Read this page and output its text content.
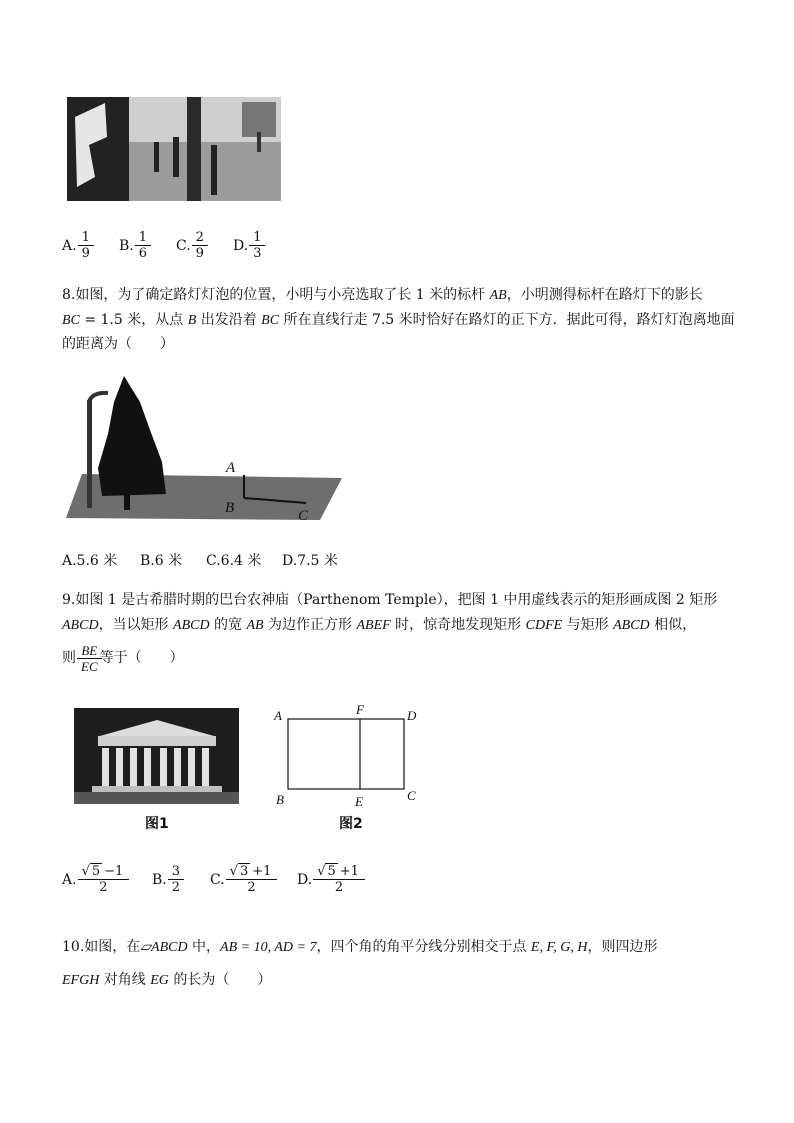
A. $\frac{1}{9} B$. $\frac{1}{6} C$. $\frac{2}{9} D$. $\frac{1}{3}$
8.如图，为了确定路灯灯泡的位置，小明与小亮选取了长 1 米的标杆 AB，小明测得标杆在路灯下的影长
BC = 1.5 米，从点 B 出发沿着 BC 所在直线行走 7.5 米时恰好在路灯的正下方．据此可得，路灯灯泡离地面
的距离为（　　）
A
B	C
A.5.6 米 B.6 米 C.6.4 米 D.7.5 米
9.如图 1 是古希腊时期的巴台农神庙（Parthenom Temple），把图 1 中用虚线表示的矩形画成图 2 矩形
ABCD，当以矩形 ABCD 的宽 AB 为边作正方形 ABEF 时，惊奇地发现矩形 CDFE 与矩形 ABCD 相似，
则 $\frac{BE}{EC}$ 等于（　　）
图1
A	F	D
B	E	C
图2
A. $\frac{√ 5 -1}{2} B$. $\frac{3}{2} C$. $\frac{√ 3 +1}{2} D$. $\frac{√ 5 +1}{2}$
10.如图，在▱ABCD 中，AB = 10, AD = 7，四个角的角平分线分别相交于点 E, F, G, H，则四边形
EFGH 对角线 EG 的长为（　　）
